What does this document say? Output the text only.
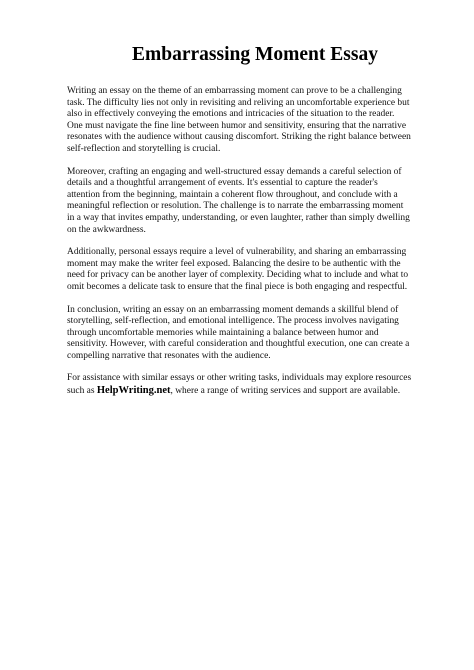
Embarrassing Moment Essay

Writing an essay on the theme of an embarrassing moment can prove to be a challenging task. The difficulty lies not only in revisiting and reliving an uncomfortable experience but also in effectively conveying the emotions and intricacies of the situation to the reader. One must navigate the fine line between humor and sensitivity, ensuring that the narrative resonates with the audience without causing discomfort. Striking the right balance between self-reflection and storytelling is crucial.

Moreover, crafting an engaging and well-structured essay demands a careful selection of details and a thoughtful arrangement of events. It's essential to capture the reader's attention from the beginning, maintain a coherent flow throughout, and conclude with a meaningful reflection or resolution. The challenge is to narrate the embarrassing moment in a way that invites empathy, understanding, or even laughter, rather than simply dwelling on the awkwardness.

Additionally, personal essays require a level of vulnerability, and sharing an embarrassing moment may make the writer feel exposed. Balancing the desire to be authentic with the need for privacy can be another layer of complexity. Deciding what to include and what to omit becomes a delicate task to ensure that the final piece is both engaging and respectful.

In conclusion, writing an essay on an embarrassing moment demands a skillful blend of storytelling, self-reflection, and emotional intelligence. The process involves navigating through uncomfortable memories while maintaining a balance between humor and sensitivity. However, with careful consideration and thoughtful execution, one can create a compelling narrative that resonates with the audience.

For assistance with similar essays or other writing tasks, individuals may explore resources such as HelpWriting.net, where a range of writing services and support are available.
